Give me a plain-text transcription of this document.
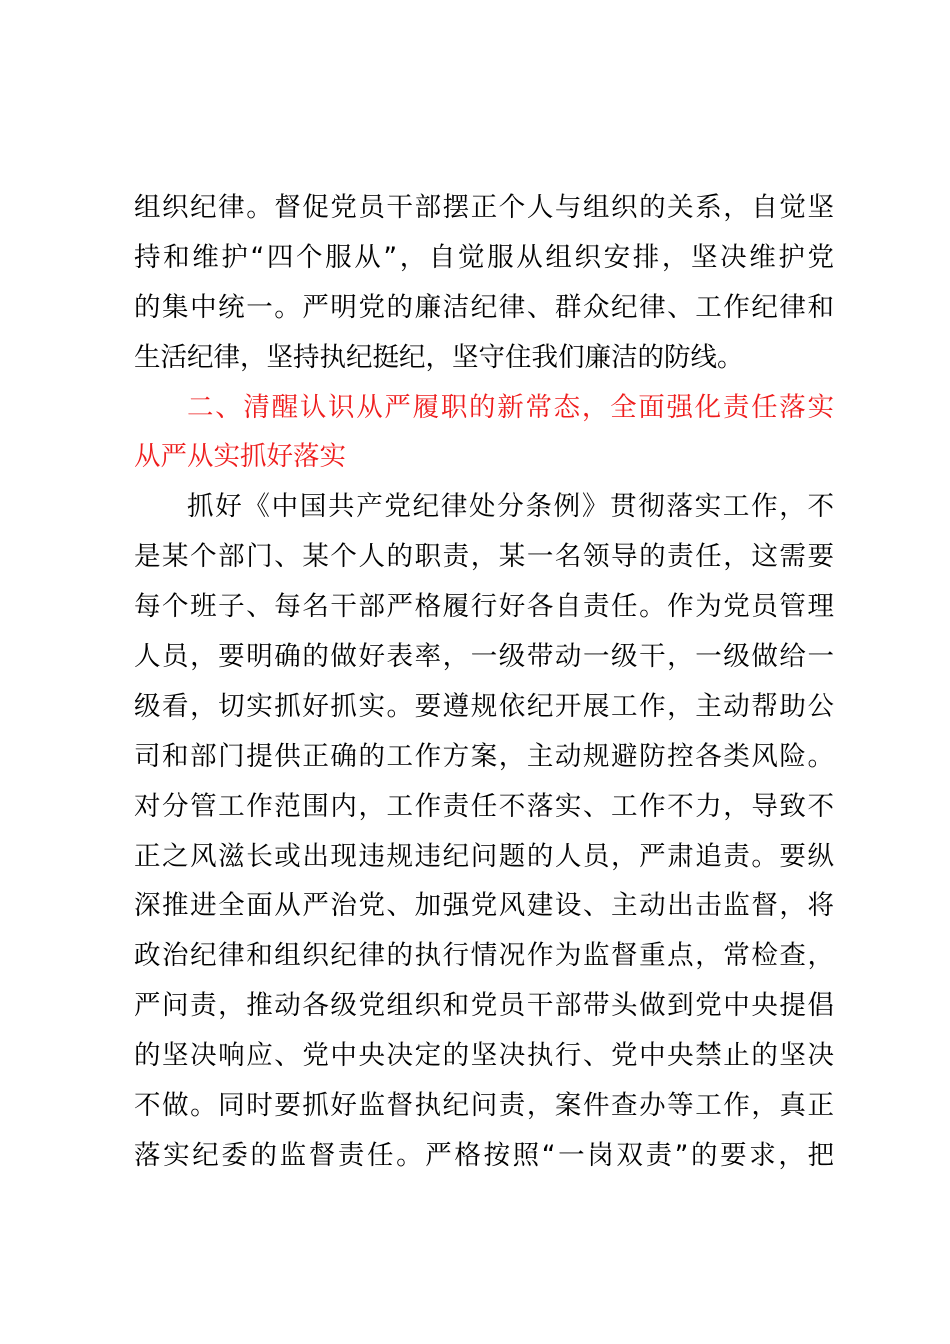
组织纪律。督促党员干部摆正个人与组织的关系，自觉坚
持和维护“四个服从”，自觉服从组织安排，坚决维护党
的集中统一。严明党的廉洁纪律、群众纪律、工作纪律和
生活纪律，坚持执纪挺纪，坚守住我们廉洁的防线。
二、清醒认识从严履职的新常态，全面强化责任落实
从严从实抓好落实
抓好《中国共产党纪律处分条例》贯彻落实工作，不
是某个部门、某个人的职责，某一名领导的责任，这需要
每个班子、每名干部严格履行好各自责任。作为党员管理
人员，要明确的做好表率，一级带动一级干，一级做给一
级看，切实抓好抓实。要遵规依纪开展工作，主动帮助公
司和部门提供正确的工作方案，主动规避防控各类风险。
对分管工作范围内，工作责任不落实、工作不力，导致不
正之风滋长或出现违规违纪问题的人员，严肃追责。要纵
深推进全面从严治党、加强党风建设、主动出击监督，将
政治纪律和组织纪律的执行情况作为监督重点，常检查，
严问责，推动各级党组织和党员干部带头做到党中央提倡
的坚决响应、党中央决定的坚决执行、党中央禁止的坚决
不做。同时要抓好监督执纪问责，案件查办等工作，真正
落实纪委的监督责任。严格按照“一岗双责”的要求，把
